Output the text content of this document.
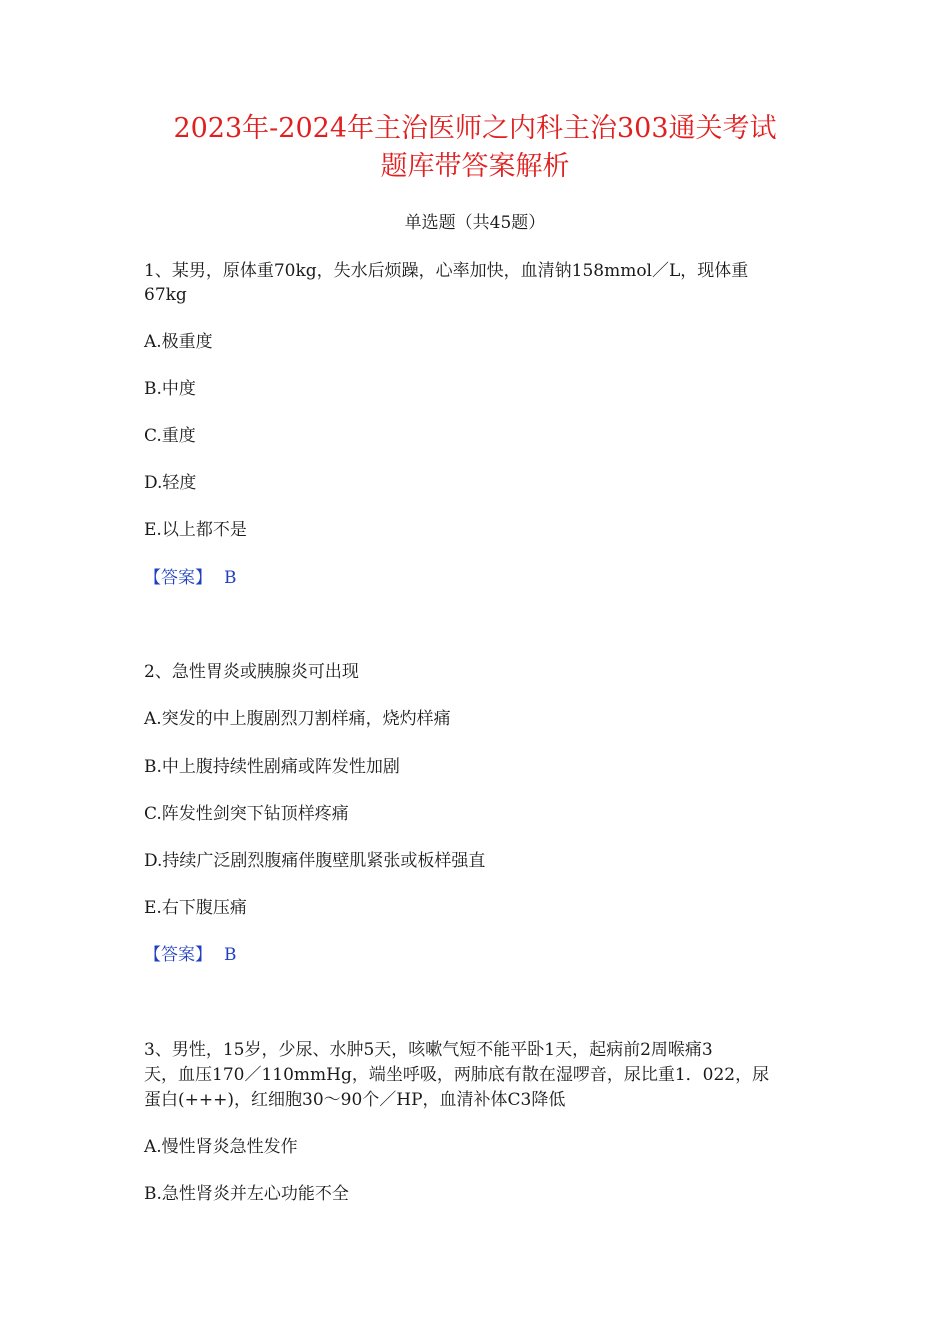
2023年-2024年主治医师之内科主治303通关考试
题库带答案解析
单选题（共45题）
1、某男，原体重70kg，失水后烦躁，心率加快，血清钠158mmol／L，现体重
67kg
A.极重度
B.中度
C.重度
D.轻度
E.以上都不是
【答案】 B
2、急性胃炎或胰腺炎可出现
A.突发的中上腹剧烈刀割样痛，烧灼样痛
B.中上腹持续性剧痛或阵发性加剧
C.阵发性剑突下钻顶样疼痛
D.持续广泛剧烈腹痛伴腹壁肌紧张或板样强直
E.右下腹压痛
【答案】 B
3、男性，15岁，少尿、水肿5天，咳嗽气短不能平卧1天，起病前2周喉痛3
天，血压170／110mmHg，端坐呼吸，两肺底有散在湿啰音，尿比重1．022，尿
蛋白(+++)，红细胞30～90个／HP，血清补体C3降低
A.慢性肾炎急性发作
B.急性肾炎并左心功能不全
